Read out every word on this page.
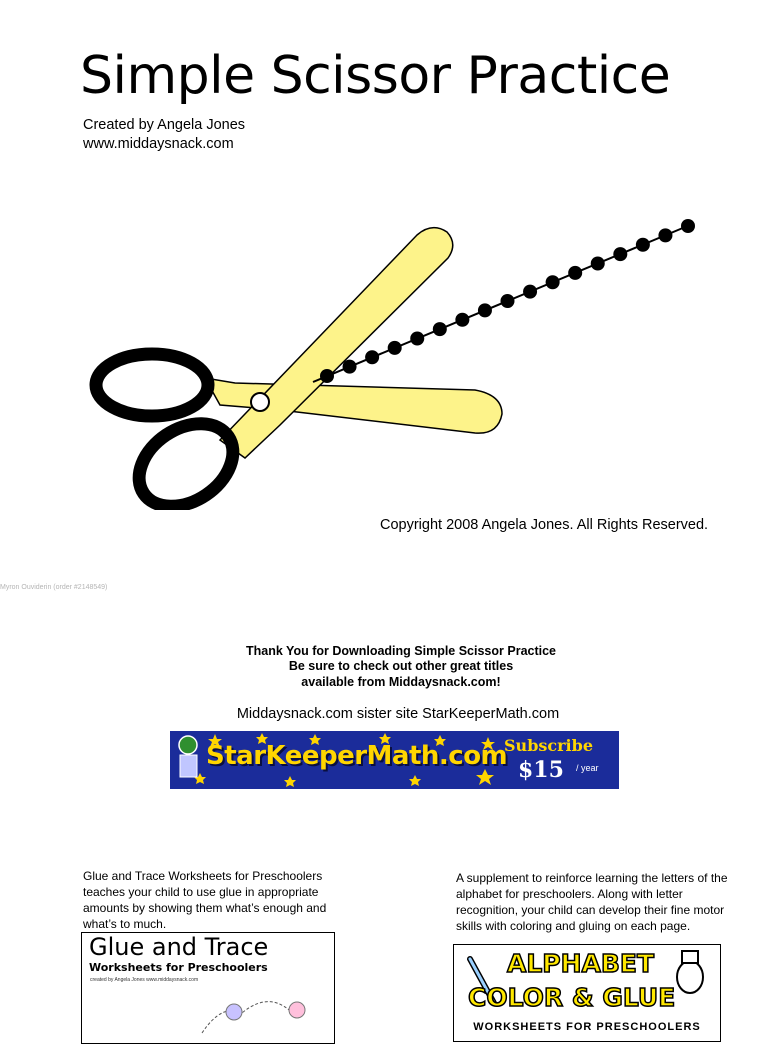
Simple Scissor Practice
Created by Angela Jones
www.middaysnack.com
Copyright 2008 Angela Jones. All Rights Reserved.
Myron Ouviderin (order #2148549)
Thank You for Downloading Simple Scissor Practice
Be sure to check out other great titles
available from Middaysnack.com!
Middaysnack.com sister site StarKeeperMath.com
StarKeeperMath.com
Subscribe
$15 / year
Glue and Trace Worksheets for Preschoolers teaches your child to use glue in appropriate amounts by showing them what’s enough and what’s to much.
Glue and Trace
Worksheets for Preschoolers
created by Angela Jones www.middaysnack.com
A supplement to reinforce learning the letters of the alphabet for preschoolers. Along with letter recognition, your child can develop their fine motor skills with coloring and gluing on each page.
ALPHABET
COLOR & GLUE
WORKSHEETS FOR PRESCHOOLERS
